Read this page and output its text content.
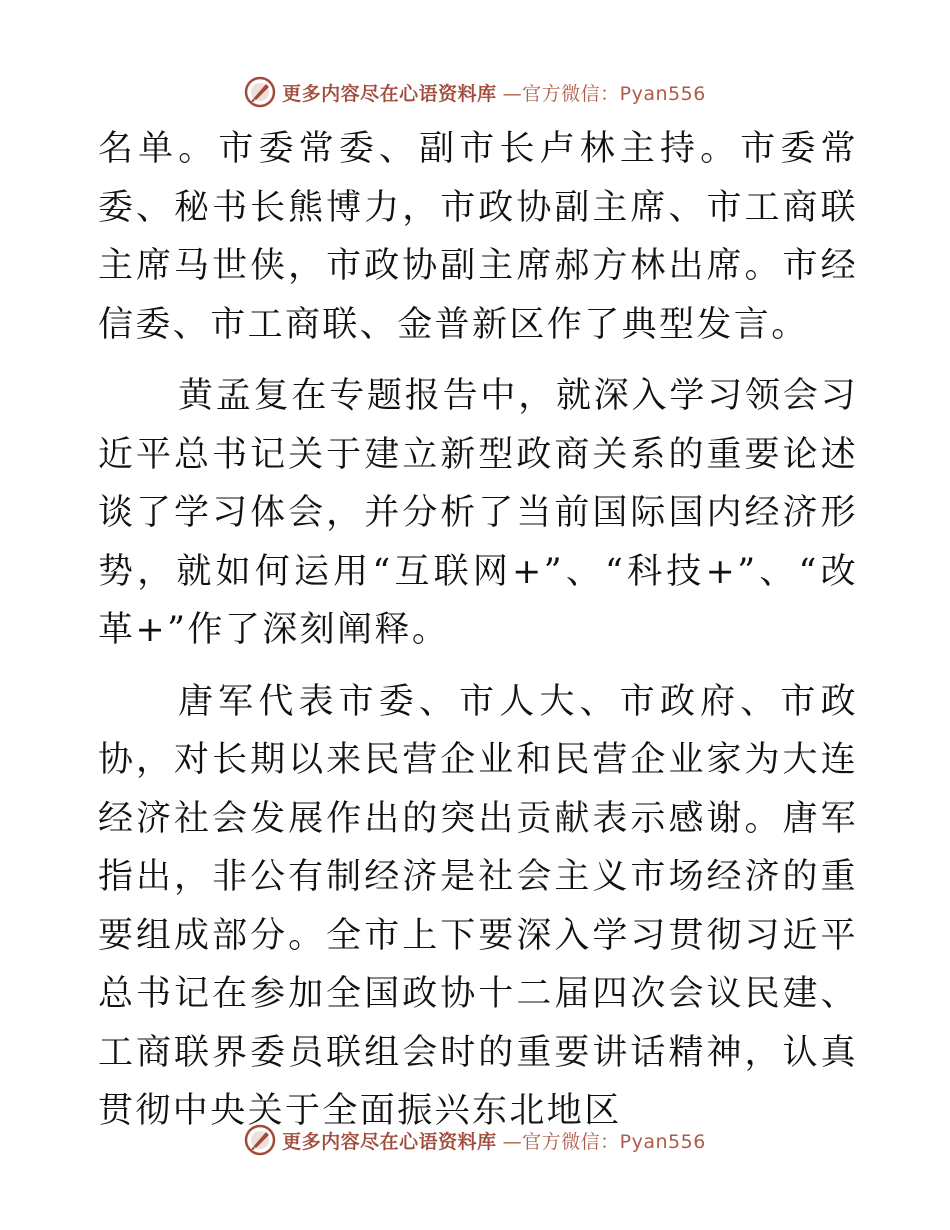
更多内容尽在心语资料库 —官方微信：Pyan556

名单。市委常委、副市长卢林主持。市委常委、秘书长熊博力，市政协副主席、市工商联主席马世侠，市政协副主席郝方林出席。市经信委、市工商联、金普新区作了典型发言。

黄孟复在专题报告中，就深入学习领会习近平总书记关于建立新型政商关系的重要论述谈了学习体会，并分析了当前国际国内经济形势，就如何运用“互联网+”、“科技+”、“改革+”作了深刻阐释。

唐军代表市委、市人大、市政府、市政协，对长期以来民营企业和民营企业家为大连经济社会发展作出的突出贡献表示感谢。唐军指出，非公有制经济是社会主义市场经济的重要组成部分。全市上下要深入学习贯彻习近平总书记在参加全国政协十二届四次会议民建、工商联界委员联组会时的重要讲话精神，认真贯彻中央关于全面振兴东北地区

更多内容尽在心语资料库 —官方微信：Pyan556
